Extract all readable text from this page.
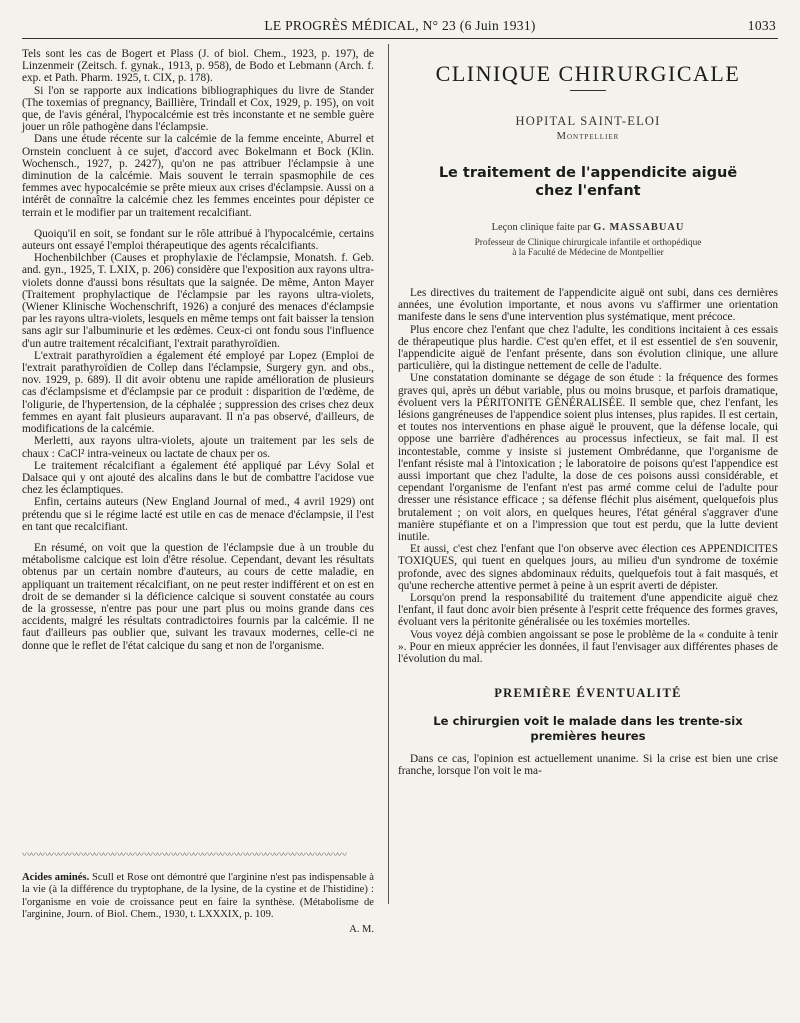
LE PROGRÈS MÉDICAL, N° 23 (6 Juin 1931)	1033

Tels sont les cas de Bogert et Plass (J. of biol. Chem., 1923, p. 197), de Linzenmeir (Zeitsch. f. gynak., 1913, p. 958), de Bodo et Lebmann (Arch. f. exp. et Path. Pharm. 1925, t. CIX, p. 178).

Si l'on se rapporte aux indications bibliographiques du livre de Stander (The toxemias of pregnancy, Baillière, Trindall et Cox, 1929, p. 195), on voit que, de l'avis général, l'hypocalcémie est très inconstante et ne semble guère jouer un rôle pathogène dans l'éclampsie.

Dans une étude récente sur la calcémie de la femme enceinte, Aburrel et Ornstein concluent à ce sujet, d'accord avec Bokelmann et Bock (Klin. Wochensch., 1927, p. 2427), qu'on ne pas attribuer l'éclampsie à une diminution de la calcémie. Mais souvent le terrain spasmophile de ces femmes avec hypocalcémie se prête mieux aux crises d'éclampsie. Aussi on a intérêt de connaître la calcémie chez les femmes enceintes pour dépister ce terrain et le modifier par un traitement recalcifiant.

Quoiqu'il en soit, se fondant sur le rôle attribué à l'hypocalcémie, certains auteurs ont essayé l'emploi thérapeutique des agents récalcifiants.

Hochenbilchber (Causes et prophylaxie de l'éclampsie, Monatsh. f. Geb. and. gyn., 1925, T. LXIX, p. 206) considère que l'exposition aux rayons ultra-violets donne d'aussi bons résultats que la saignée. De même, Anton Mayer (Traitement prophylactique de l'éclampsie par les rayons ultra-violets, (Wiener Klinische Wochenschrift, 1926) a conjuré des menaces d'éclampsie par les rayons ultra-violets, lesquels en même temps ont fait baisser la tension sans agir sur l'albuminurie et les œdèmes. Ceux-ci ont fondu sous l'influence d'un autre traitement récalcifiant, l'extrait parathyroïdien.

L'extrait parathyroïdien a également été employé par Lopez (Emploi de l'extrait parathyroïdien de Collep dans l'éclampsie, Surgery gyn. and obs., nov. 1929, p. 689). Il dit avoir obtenu une rapide amélioration de plusieurs cas d'éclampsisme et d'éclampsie par ce produit : disparition de l'œdème, de l'oligurie, de l'hypertension, de la céphalée ; suppression des crises chez deux femmes en ayant fait plusieurs auparavant. Il n'a pas observé, d'ailleurs, de modifications de la calcémie.

Merletti, aux rayons ultra-violets, ajoute un traitement par les sels de chaux : CaCl² intra-veineux ou lactate de chaux per os.

Le traitement récalcifiant a également été appliqué par Lévy Solal et Dalsace qui y ont ajouté des alcalins dans le but de combattre l'acidose vue chez les éclamptiques.

Enfin, certains auteurs (New England Journal of med., 4 avril 1929) ont prétendu que si le régime lacté est utile en cas de menace d'éclampsie, il l'est en tant que recalcifiant.

En résumé, on voit que la question de l'éclampsie due à un trouble du métabolisme calcique est loin d'être résolue. Cependant, devant les résultats obtenus par un certain nombre d'auteurs, au cours de cette maladie, en appliquant un traitement récalcifiant, on ne peut rester indifférent et on est en droit de se demander si la déficience calcique si souvent constatée au cours de la grossesse, n'entre pas pour une part plus ou moins grande dans ces accidents, malgré les résultats contradictoires fournis par la calcémie. Il ne faut d'ailleurs pas oublier que, suivant les travaux modernes, celle-ci ne donne que le reflet de l'état calcique du sang et non de l'organisme.

〰〰〰〰〰〰〰〰〰〰〰〰〰〰〰〰〰〰〰〰〰〰〰〰〰〰〰〰〰〰〰〰〰〰〰〰
Acides aminés. Scull et Rose ont démontré que l'arginine n'est pas indispensable à la vie (à la différence du tryptophane, de la lysine, de la cystine et de l'histidine) : l'organisme en voie de croissance peut en faire la synthèse. (Métabolisme de l'arginine, Journ. of Biol. Chem., 1930, t. LXXXIX, p. 109.
A. M.
CLINIQUE CHIRURGICALE
HOPITAL SAINT-ELOI
Montpellier
Le traitement de l'appendicite aiguë
chez l'enfant
Leçon clinique faite par G. MASSABUAU
Professeur de Clinique chirurgicale infantile et orthopédique
à la Faculté de Médecine de Montpellier

Les directives du traitement de l'appendicite aiguë ont subi, dans ces dernières années, une évolution importante, et nous avons vu s'affirmer une orientation manifeste dans le sens d'une intervention plus systématique, ment précoce.

Plus encore chez l'enfant que chez l'adulte, les conditions incitaient à ces essais de thérapeutique plus hardie. C'est qu'en effet, et il est essentiel de s'en souvenir, l'appendicite aiguë de l'enfant présente, dans son évolution clinique, une allure particulière, qui la distingue nettement de celle de l'adulte.

Une constatation dominante se dégage de son étude : la fréquence des formes graves qui, après un début variable, plus ou moins brusque, et parfois dramatique, évoluent vers la PÉRITONITE GÉNÉRALISÉE. Il semble que, chez l'enfant, les lésions gangréneuses de l'appendice soient plus intenses, plus rapides. Il est certain, et toutes nos interventions en phase aiguë le prouvent, que la défense locale, qui oppose une barrière d'adhérences au processus infectieux, se fait mal. Il est incontestable, comme y insiste si justement Ombrédanne, que l'organisme de l'enfant résiste mal à l'intoxication ; le laboratoire de poisons qu'est l'appendice est aussi important que chez l'adulte, la dose de ces poisons aussi considérable, et cependant l'organisme de l'enfant n'est pas armé comme celui de l'adulte pour dresser une résistance efficace ; sa défense fléchit plus aisément, quelquefois plus brutalement ; on voit alors, en quelques heures, l'état général s'aggraver d'une manière stupéfiante et on a l'impression que tout est perdu, que la lutte devient inutile.

Et aussi, c'est chez l'enfant que l'on observe avec élection ces APPENDICITES TOXIQUES, qui tuent en quelques jours, au milieu d'un syndrome de toxémie profonde, avec des signes abdominaux réduits, quelquefois tout à fait masqués, et qu'une recherche attentive permet à peine à un esprit averti de dépister.

Lorsqu'on prend la responsabilité du traitement d'une appendicite aiguë chez l'enfant, il faut donc avoir bien présente à l'esprit cette fréquence des formes graves, évoluant vers la péritonite généralisée ou les toxémies mortelles.

Vous voyez déjà combien angoissant se pose le problème de la « conduite à tenir ». Pour en mieux apprécier les données, il faut l'envisager aux différentes phases de l'évolution du mal.

PREMIÈRE ÉVENTUALITÉ
Le chirurgien voit le malade dans les trente-six
premières heures

Dans ce cas, l'opinion est actuellement unanime. Si la crise est bien une crise franche, lorsque l'on voit le ma-
